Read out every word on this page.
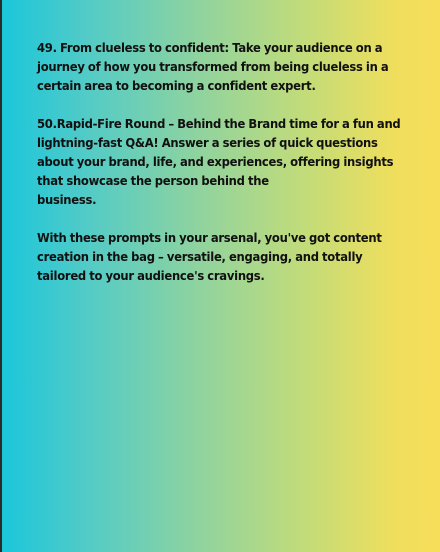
49. From clueless to confident: Take your audience on a journey of how you transformed from being clueless in a certain area to becoming a confident expert.

50.Rapid-Fire Round – Behind the Brand time for a fun and lightning-fast Q&A! Answer a series of quick questions about your brand, life, and experiences, offering insights that showcase the person behind the
business.

With these prompts in your arsenal, you've got content creation in the bag – versatile, engaging, and totally tailored to your audience's cravings.
